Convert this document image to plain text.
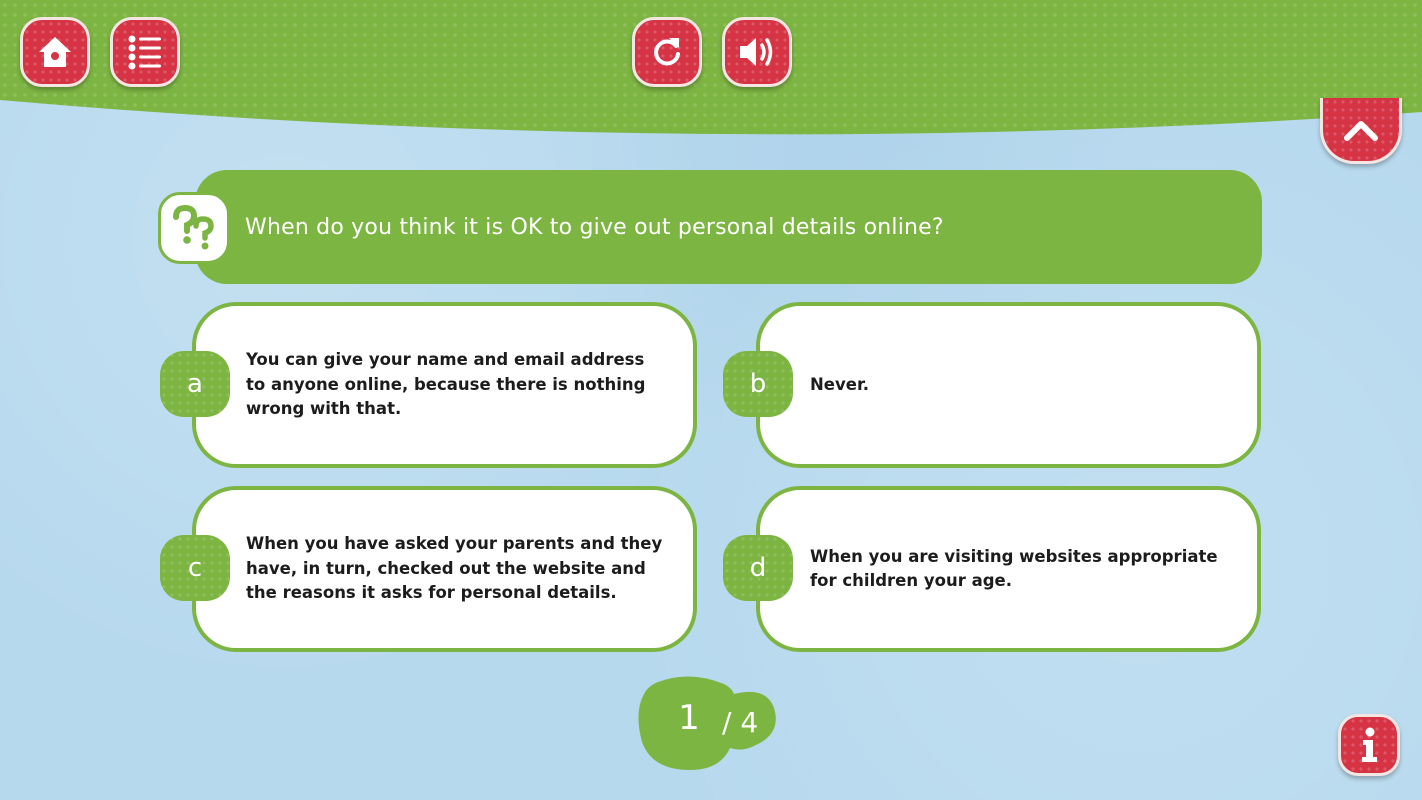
When do you think it is OK to give out personal details online?
You can give your name and email address to anyone online, because there is nothing wrong with that.
a	Never.
b
When you have asked your parents and they have, in turn, checked out the website and the reasons it asks for personal details.
c	When you are visiting websites appropriate for children your age.
d
1 / 4
